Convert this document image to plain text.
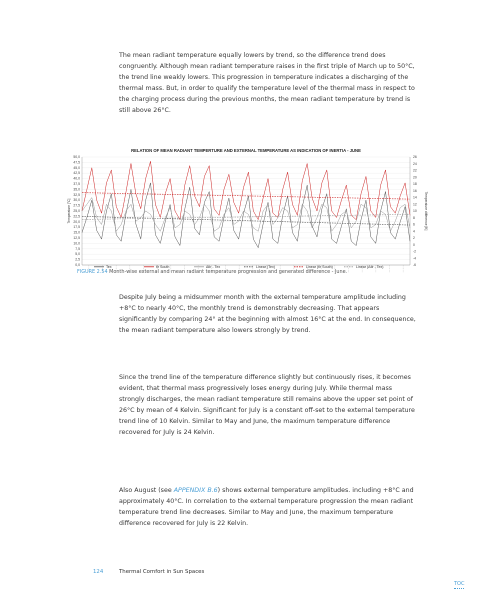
The mean radiant temperature equally lowers by trend, so the difference trend does congruently. Although mean radiant temperature raises in the first triple of March up to 50°C, the trend line weakly lowers. This progression in temperature indicates a discharging of the thermal mass. But, in order to qualify the temperature level of the thermal mass in respect to the charging process during the previous months, the mean radiant temperature by trend is still above 26°C.

RELATION OF MEAN RADIANT TEMPERTURE AND EXTERNAL TEMPERATURE AS INDICATION OF INERTIA - JUNE
50,0
47,5
45,0
42,5
40,0
37,5
35,0
32,5
30,0
27,5
25,0
22,5
20,0
17,5
15,0
12,5
10,0
7,5
5,0
2,5
0,0
26
24
22
20
18
16
14
12
10
8
6
4
2
0
-2
-4
-6
Temperature [°C]	Temperature difference [K]
Tex	tlr South	Δtlr - Tex	Linear (Tex)	Linear (tlr South)	Linear (Δtlr - Tex)

FIGURE 2.54 Month-wise external and mean radiant temperature progression and generated difference - June.

Despite July being a midsummer month with the external temperature amplitude including +8°C to nearly 40°C, the monthly trend is demonstrably decreasing. That appears significantly by comparing 24° at the beginning with almost 16°C at the end. In consequence, the mean radiant temperature also lowers strongly by trend.

Since the trend line of the temperature difference slightly but continuously rises, it becomes evident, that thermal mass progressively loses energy during July. While thermal mass strongly discharges, the mean radiant temperature still remains above the upper set point of 26°C by mean of 4 Kelvin. Significant for July is a constant off-set to the external temperature trend line of 10 Kelvin. Similar to May and June, the maximum temperature difference recovered for July is 24 Kelvin.

Also August (see APPENDIX B.6) shows external temperature amplitudes. including +8°C and approximately 40°C. In correlation to the external temperature progression the mean radiant temperature trend line decreases. Similar to May and June, the maximum temperature difference recovered for July is 22 Kelvin.

124	Thermal Comfort in Sun Spaces

TOC
